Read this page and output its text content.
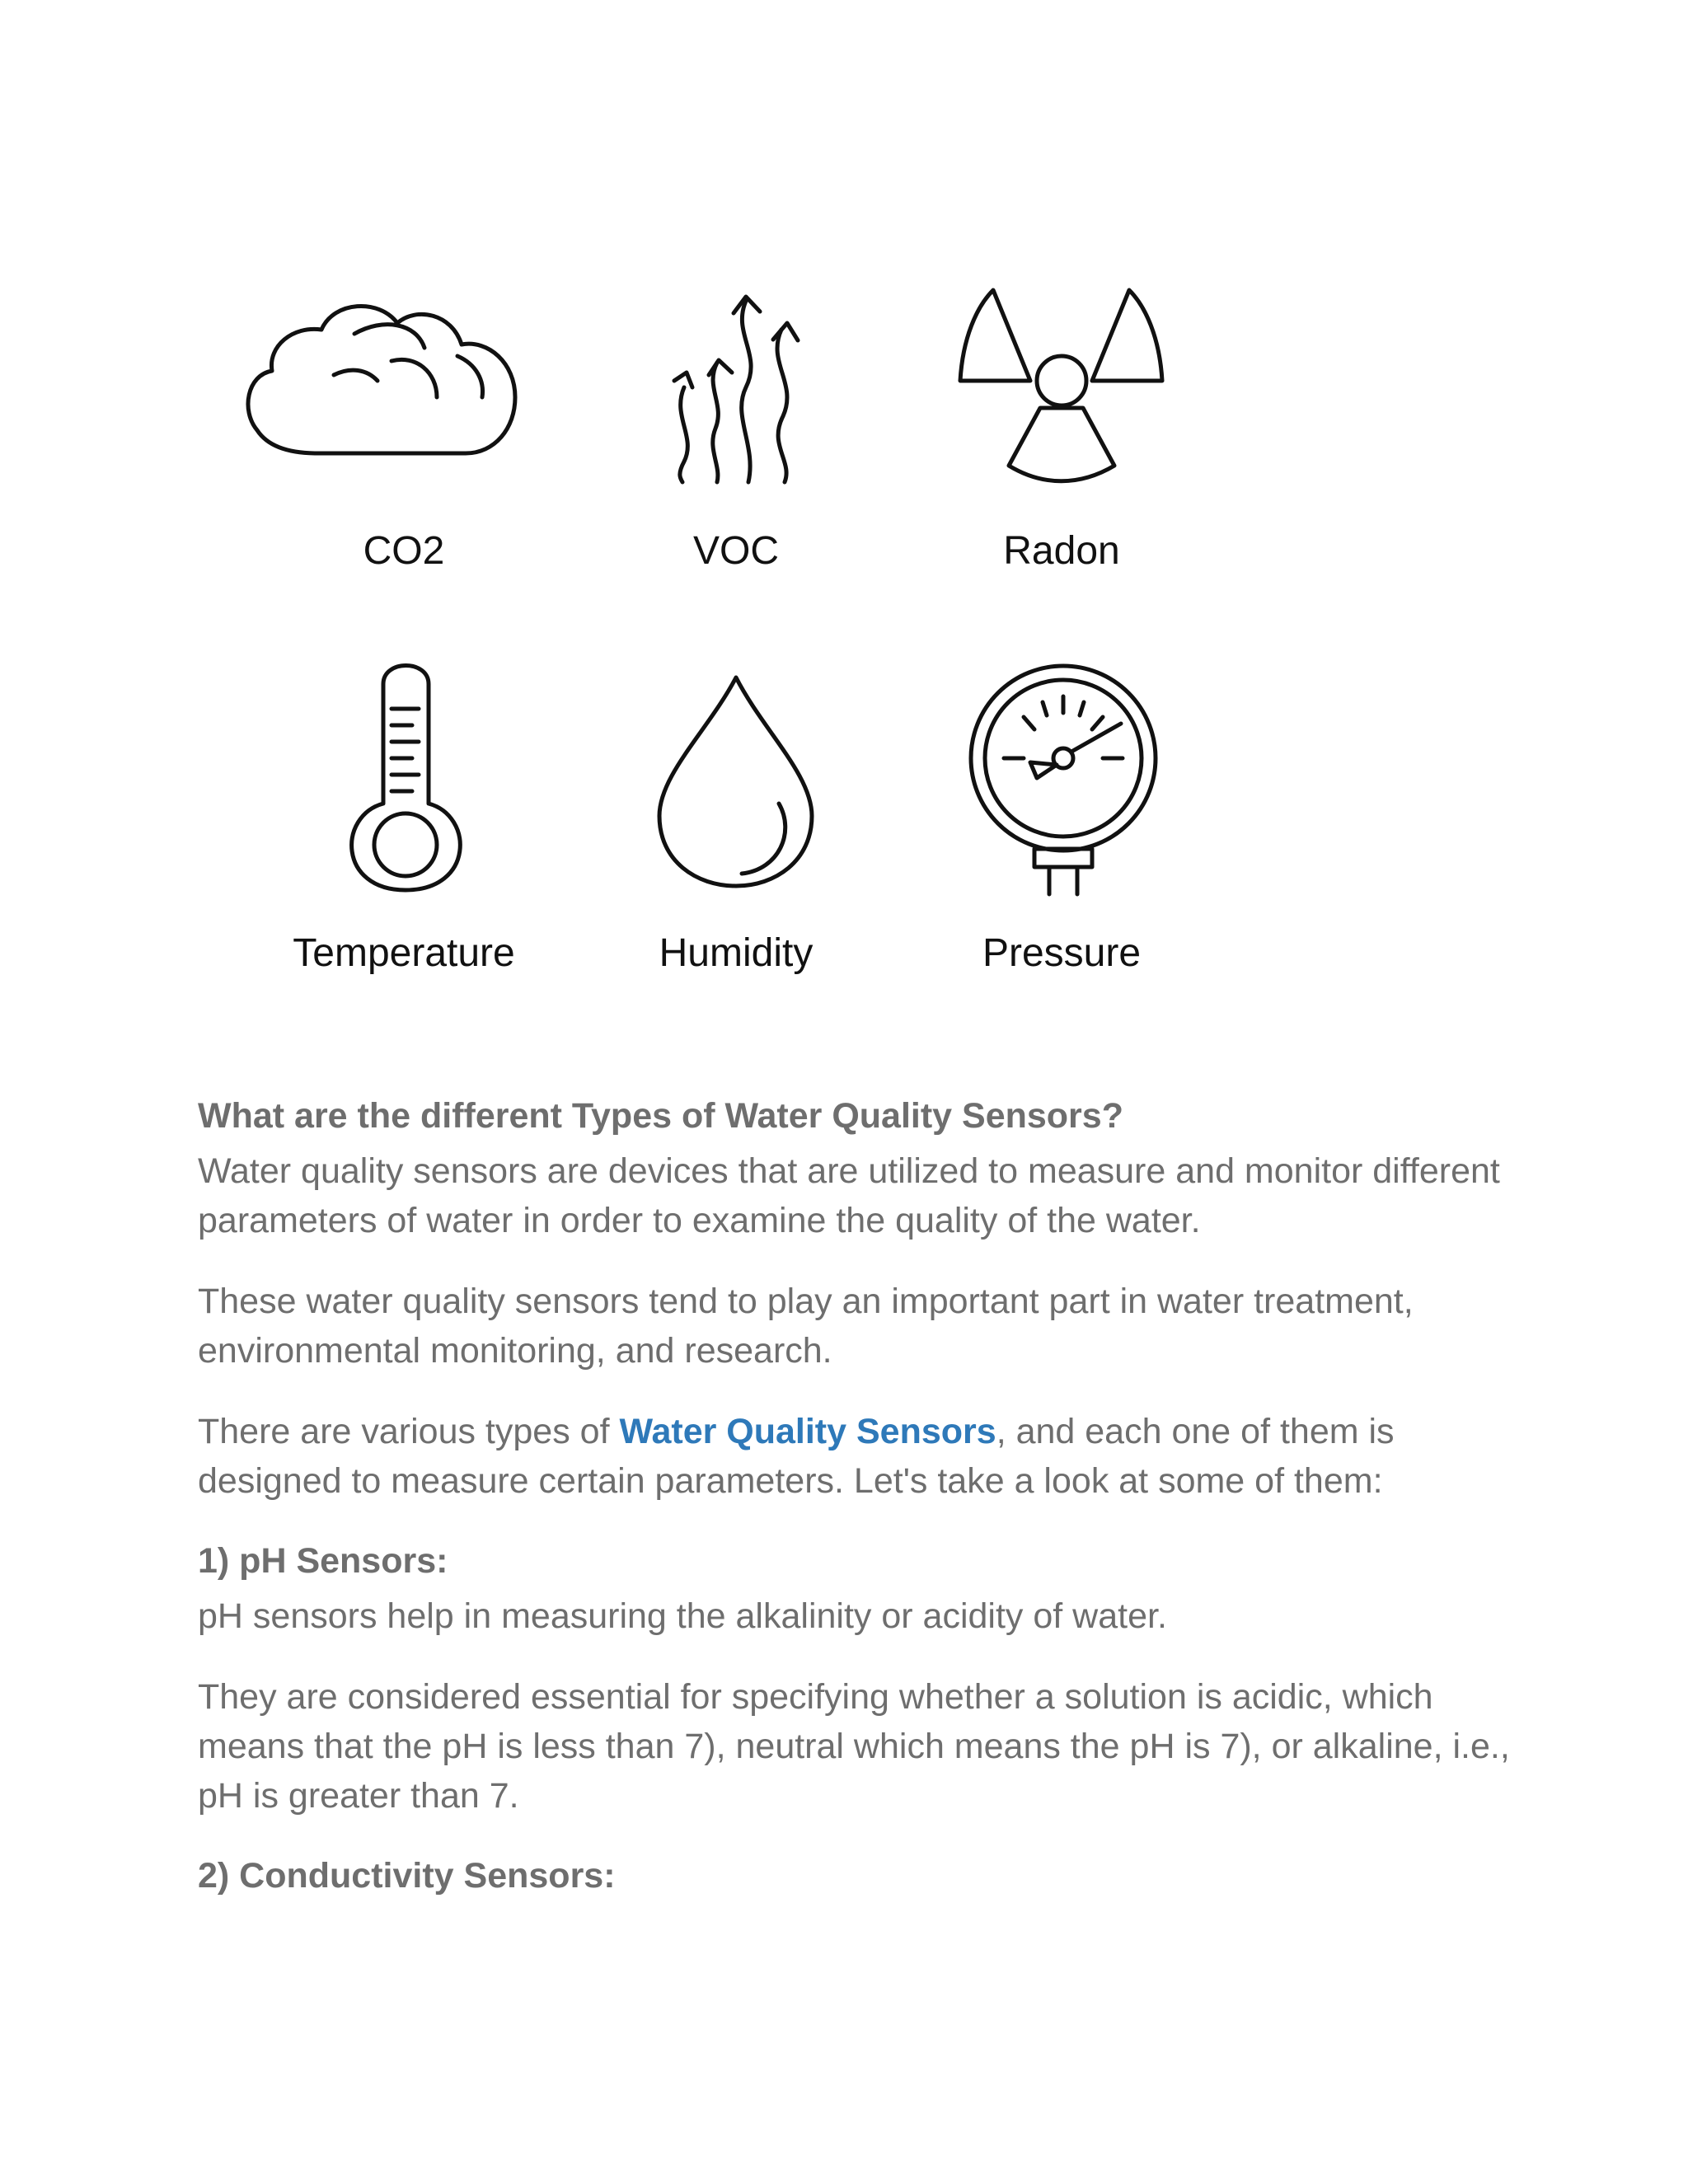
CO2	VOC	Radon
Temperature	Humidity	Pressure
What are the different Types of Water Quality Sensors?

Water quality sensors are devices that are utilized to measure and monitor different parameters of water in order to examine the quality of the water.

These water quality sensors tend to play an important part in water treatment, environmental monitoring, and research.

There are various types of Water Quality Sensors, and each one of them is designed to measure certain parameters. Let's take a look at some of them:

1) pH Sensors:

pH sensors help in measuring the alkalinity or acidity of water.

They are considered essential for specifying whether a solution is acidic, which means that the pH is less than 7), neutral which means the pH is 7), or alkaline, i.e., pH is greater than 7.

2) Conductivity Sensors:
